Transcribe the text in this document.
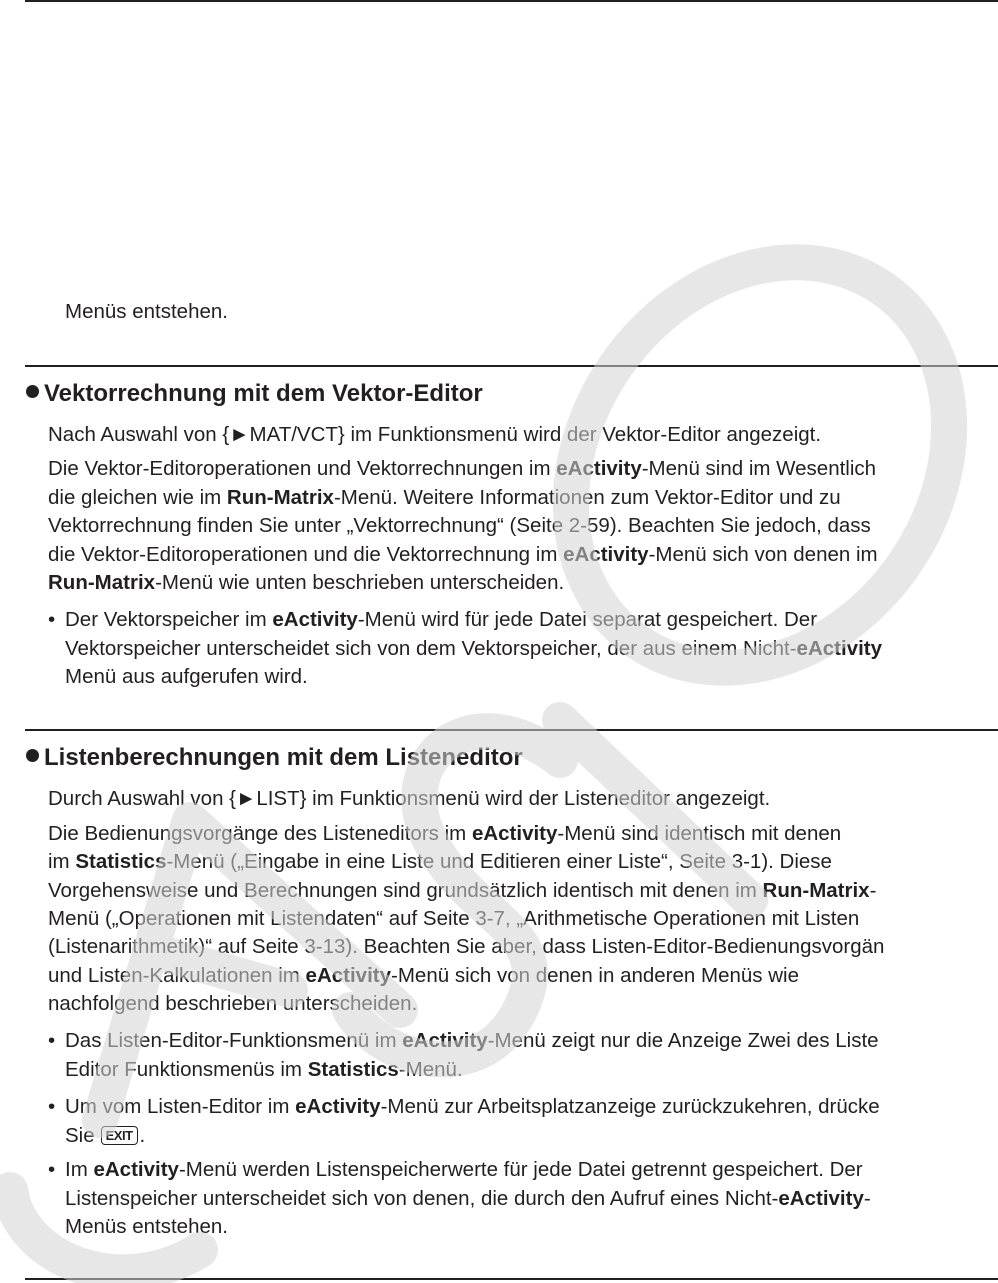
Menüs entstehen.

Vektorrechnung mit dem Vektor-Editor

Nach Auswahl von {►MAT/VCT} im Funktionsmenü wird der Vektor-Editor angezeigt.

Die Vektor-Editoroperationen und Vektorrechnungen im eActivity-Menü sind im Wesentlich

die gleichen wie im Run-Matrix-Menü. Weitere Informationen zum Vektor-Editor und zu

Vektorrechnung finden Sie unter „Vektorrechnung“ (Seite 2-59). Beachten Sie jedoch, dass

die Vektor-Editoroperationen und die Vektorrechnung im eActivity-Menü sich von denen im

Run-Matrix-Menü wie unten beschrieben unterscheiden.

• Der Vektorspeicher im eActivity-Menü wird für jede Datei separat gespeichert. Der
Vektorspeicher unterscheidet sich von dem Vektorspeicher, der aus einem Nicht-eActivity
Menü aus aufgerufen wird.
Listenberechnungen mit dem Listeneditor

Durch Auswahl von {►LIST} im Funktionsmenü wird der Listeneditor angezeigt.

Die Bedienungsvorgänge des Listeneditors im eActivity-Menü sind identisch mit denen

im Statistics-Menü („Eingabe in eine Liste und Editieren einer Liste“, Seite 3-1). Diese

Vorgehensweise und Berechnungen sind grundsätzlich identisch mit denen im Run-Matrix-

Menü („Operationen mit Listendaten“ auf Seite 3-7, „Arithmetische Operationen mit Listen

(Listenarithmetik)“ auf Seite 3-13). Beachten Sie aber, dass Listen-Editor-Bedienungsvorgän

und Listen-Kalkulationen im eActivity-Menü sich von denen in anderen Menüs wie

nachfolgend beschrieben unterscheiden.

• Das Listen-Editor-Funktionsmenü im eActivity-Menü zeigt nur die Anzeige Zwei des Liste
Editor Funktionsmenüs im Statistics-Menü.
• Um vom Listen-Editor im eActivity-Menü zur Arbeitsplatzanzeige zurückzukehren, drücke
Sie EXIT .
• Im eActivity-Menü werden Listenspeicherwerte für jede Datei getrennt gespeichert. Der
Listenspeicher unterscheidet sich von denen, die durch den Aufruf eines Nicht-eActivity-
Menüs entstehen.
